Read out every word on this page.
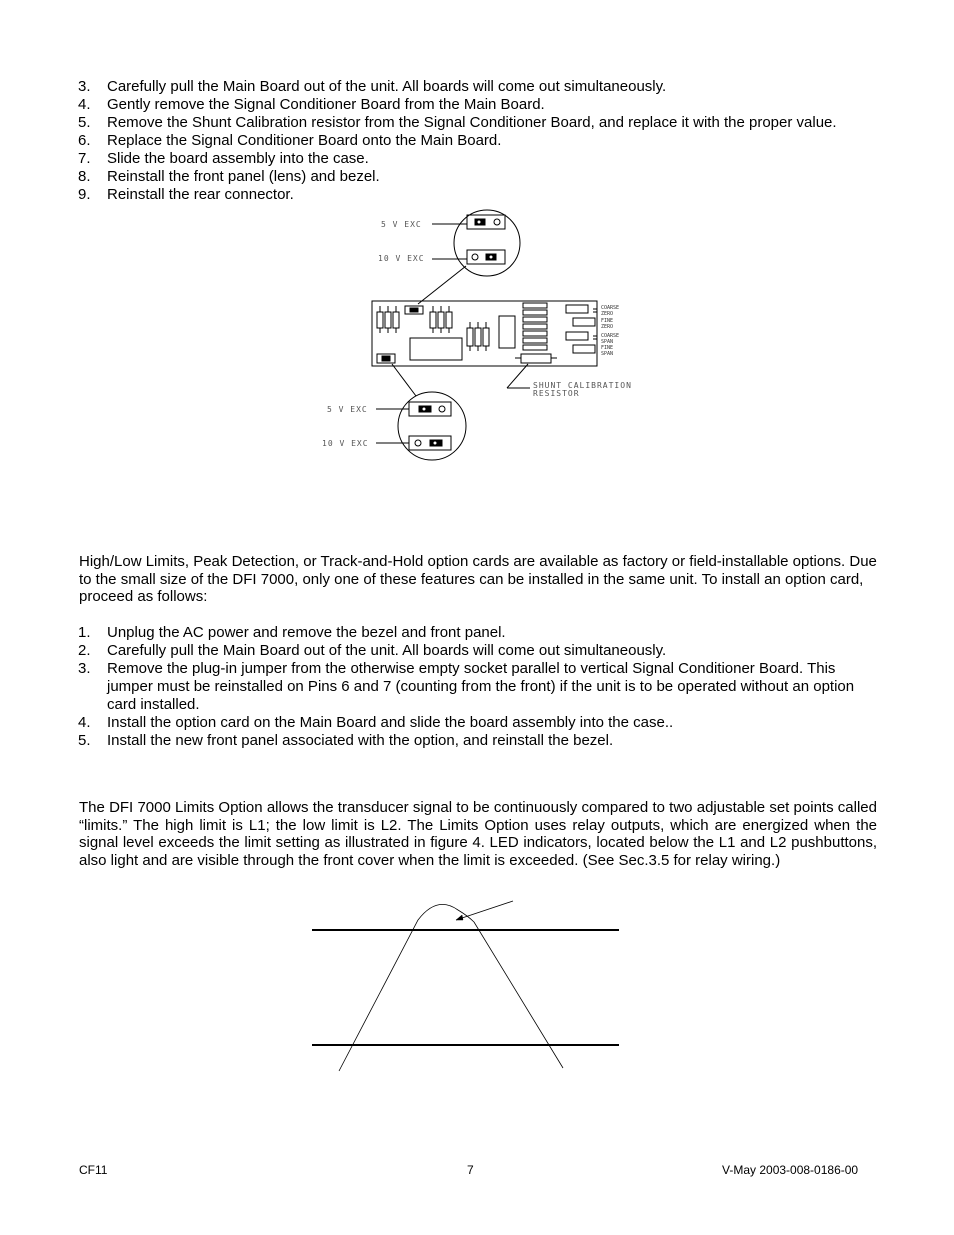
3. Carefully pull the Main Board out of the unit. All boards will come out simultaneously.
4. Gently remove the Signal Conditioner Board from the Main Board.
5. Remove the Shunt Calibration resistor from the Signal Conditioner Board, and replace it with the proper value.
6. Replace the Signal Conditioner Board onto the Main Board.
7. Slide the board assembly into the case.
8. Reinstall the front panel (lens) and bezel.
9. Reinstall the rear connector.
5 V EXC
10 V EXC
5 V EXC
10 V EXC
SHUNT CALIBRATION
RESISTOR
COARSE
ZERO
FINE
ZERO
COARSE
SPAN
FINE
SPAN
High/Low Limits, Peak Detection, or Track-and-Hold option cards are available as factory or field-installable options. Due to the small size of the DFI 7000, only one of these features can be installed in the same unit. To install an option card, proceed as follows:
1. Unplug the AC power and remove the bezel and front panel.
2. Carefully pull the Main Board out of the unit. All boards will come out simultaneously.
3. Remove the plug-in jumper from the otherwise empty socket parallel to vertical Signal Conditioner Board. This jumper must be reinstalled on Pins 6 and 7 (counting from the front) if the unit is to be operated without an option card installed.
4. Install the option card on the Main Board and slide the board assembly into the case..
5. Install the new front panel associated with the option, and reinstall the bezel.
The DFI 7000 Limits Option allows the transducer signal to be continuously compared to two adjustable set points called “limits.” The high limit is L1; the low limit is L2. The Limits Option uses relay outputs, which are energized when the signal level exceeds the limit setting as illustrated in figure 4. LED indicators, located below the L1 and L2 pushbuttons, also light and are visible through the front cover when the limit is exceeded. (See Sec.3.5 for relay wiring.)
CF11	7	V-May 2003-008-0186-00
